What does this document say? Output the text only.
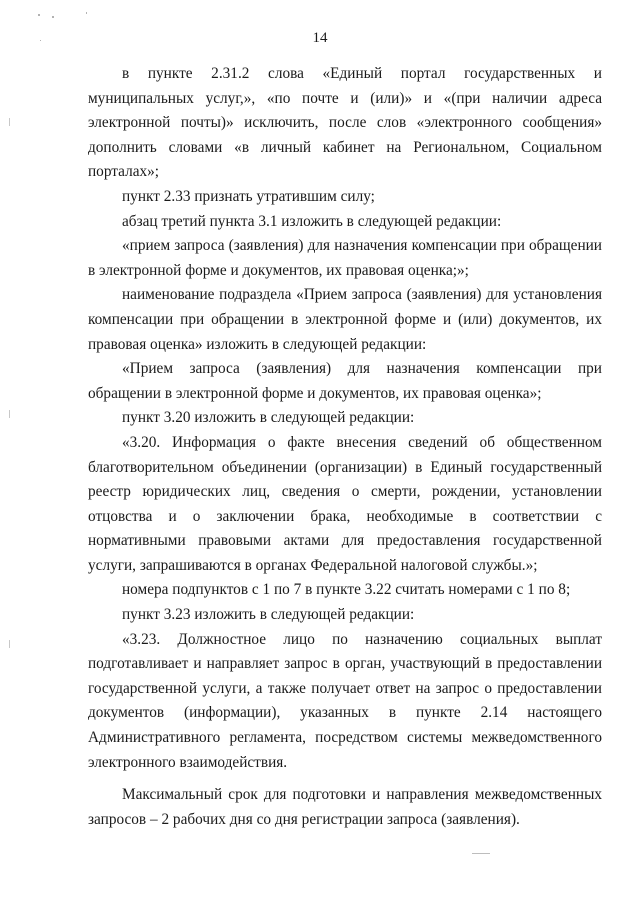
14

в пункте 2.31.2 слова «Единый портал государственных и муниципальных услуг,», «по почте и (или)» и «(при наличии адреса электронной почты)» исключить, после слов «электронного сообщения» дополнить словами «в личный кабинет на Региональном, Социальном порталах»;

пункт 2.33 признать утратившим силу;

абзац третий пункта 3.1 изложить в следующей редакции:

«прием запроса (заявления) для назначения компенсации при обращении в электронной форме и документов, их правовая оценка;»;

наименование подраздела «Прием запроса (заявления) для установления компенсации при обращении в электронной форме и (или) документов, их правовая оценка» изложить в следующей редакции:

«Прием запроса (заявления) для назначения компенсации при обращении в электронной форме и документов, их правовая оценка»;

пункт 3.20 изложить в следующей редакции:

«3.20. Информация о факте внесения сведений об общественном благотворительном объединении (организации) в Единый государственный реестр юридических лиц, сведения о смерти, рождении, установлении отцовства и о заключении брака, необходимые в соответствии с нормативными правовыми актами для предоставления государственной услуги, запрашиваются в органах Федеральной налоговой службы.»;

номера подпунктов с 1 по 7 в пункте 3.22 считать номерами с 1 по 8;

пункт 3.23 изложить в следующей редакции:

«3.23. Должностное лицо по назначению социальных выплат подготавливает и направляет запрос в орган, участвующий в предоставлении государственной услуги, а также получает ответ на запрос о предоставлении документов (информации), указанных в пункте 2.14 настоящего Административного регламента, посредством системы межведомственного электронного взаимодействия.

Максимальный срок для подготовки и направления межведомственных запросов – 2 рабочих дня со дня регистрации запроса (заявления).
